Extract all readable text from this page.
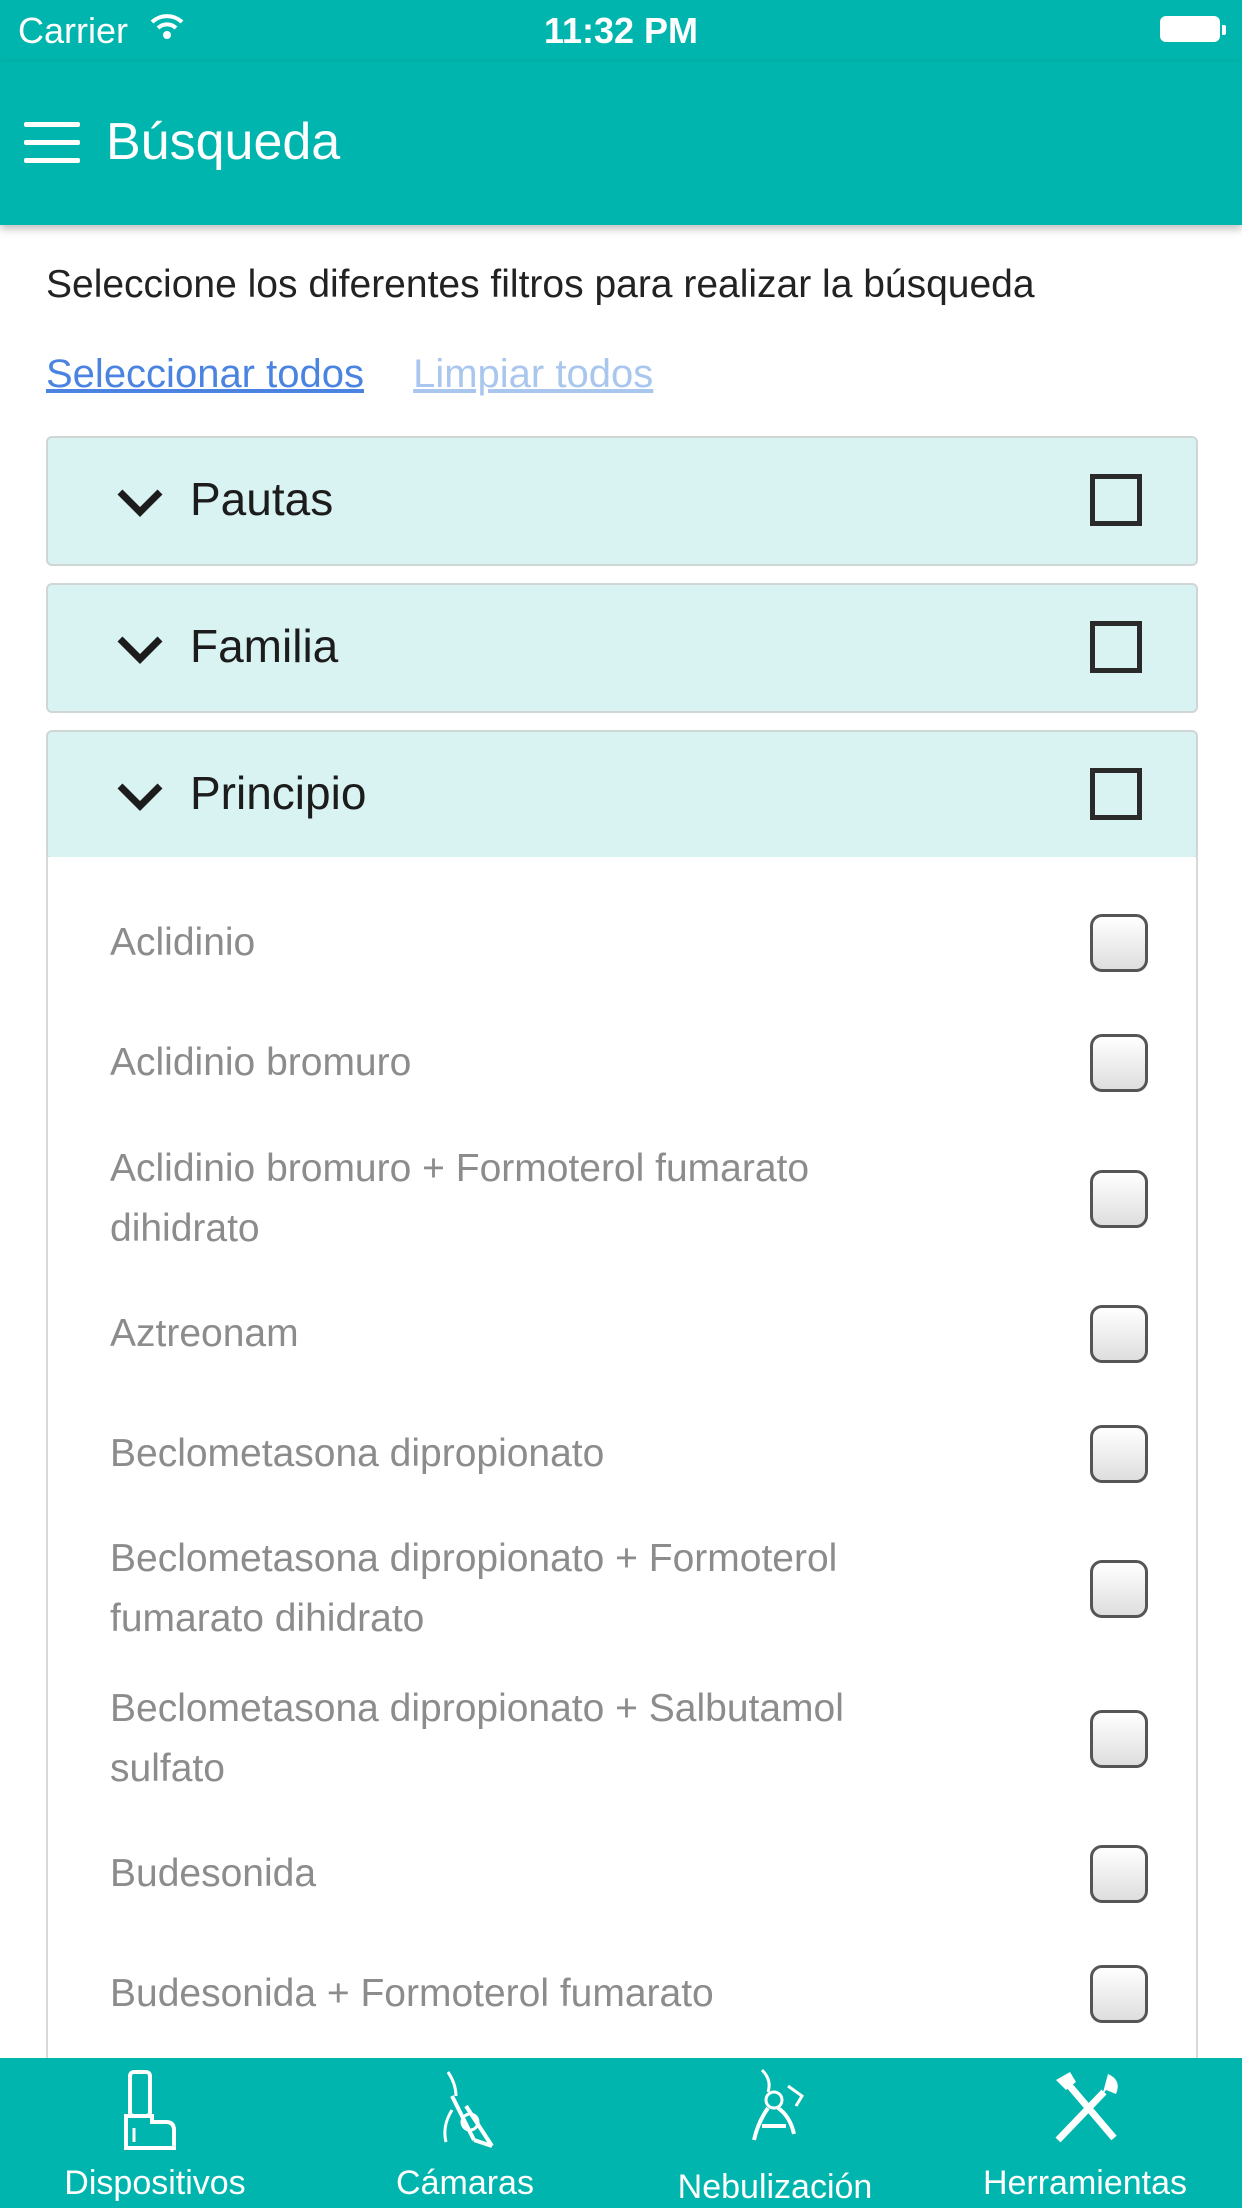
Carrier	11:32 PM
Búsqueda
Seleccione los diferentes filtros para realizar la búsqueda
Seleccionar todos Limpiar todos
Pautas
Familia
Principio
Aclidinio
Aclidinio bromuro
Aclidinio bromuro + Formoterol fumarato dihidrato
Aztreonam
Beclometasona dipropionato
Beclometasona dipropionato + Formoterol fumarato dihidrato
Beclometasona dipropionato + Salbutamol sulfato
Budesonida
Budesonida + Formoterol fumarato
Dispositivos	Cámaras	Nebulización	Herramientas
